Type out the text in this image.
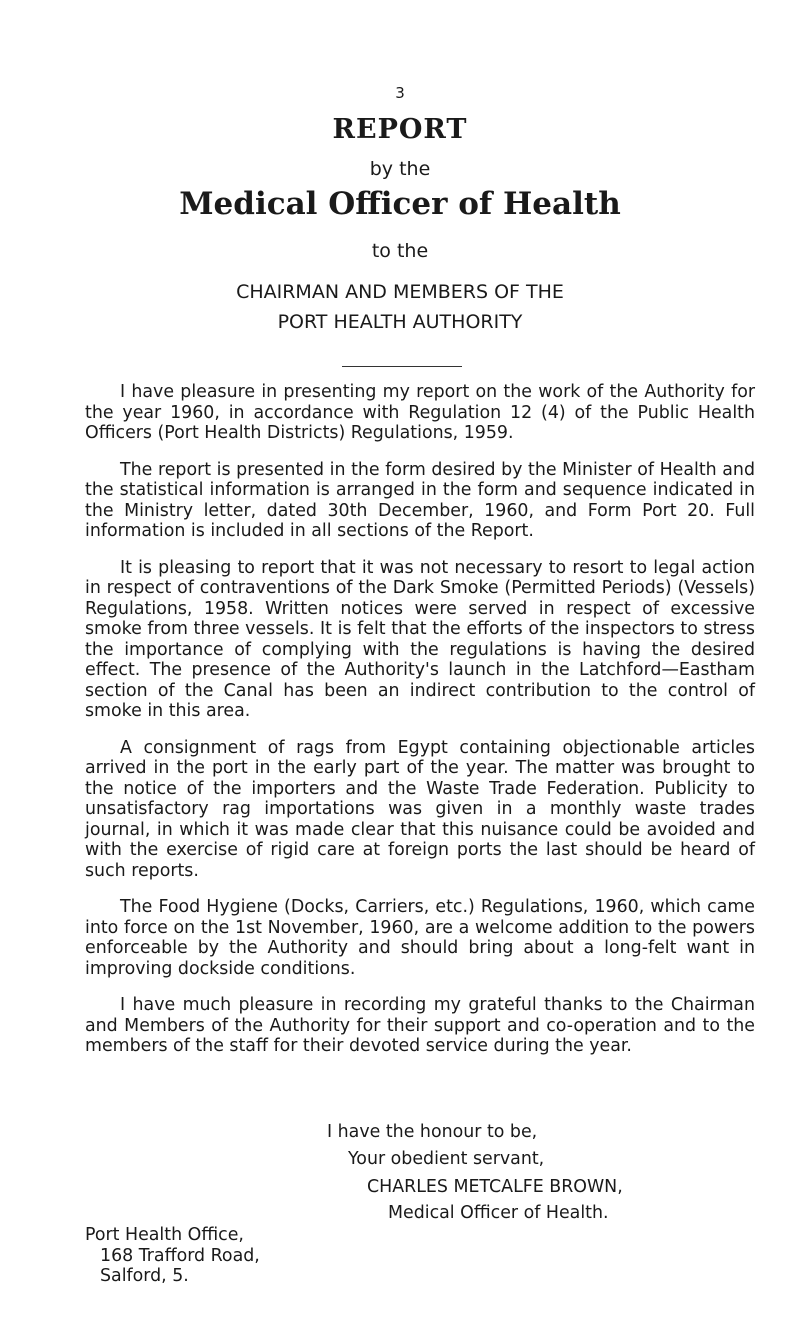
3
REPORT
by the
Medical Officer of Health
to the
CHAIRMAN AND MEMBERS OF THE
PORT HEALTH AUTHORITY

I have pleasure in presenting my report on the work of the Authority for the year 1960, in accordance with Regulation 12 (4) of the Public Health Officers (Port Health Districts) Regulations, 1959.

The report is presented in the form desired by the Minister of Health and the statistical information is arranged in the form and sequence indicated in the Ministry letter, dated 30th December, 1960, and Form Port 20. Full information is included in all sections of the Report.

It is pleasing to report that it was not necessary to resort to legal action in respect of contraventions of the Dark Smoke (Permitted Periods) (Vessels) Regulations, 1958. Written notices were served in respect of excessive smoke from three vessels. It is felt that the efforts of the inspectors to stress the importance of complying with the regulations is having the desired effect. The presence of the Authority's launch in the Latchford—Eastham section of the Canal has been an indirect contribution to the control of smoke in this area.

A consignment of rags from Egypt containing objectionable articles arrived in the port in the early part of the year. The matter was brought to the notice of the importers and the Waste Trade Federation. Publicity to unsatisfactory rag importations was given in a monthly waste trades journal, in which it was made clear that this nuisance could be avoided and with the exercise of rigid care at foreign ports the last should be heard of such reports.

The Food Hygiene (Docks, Carriers, etc.) Regulations, 1960, which came into force on the 1st November, 1960, are a welcome addition to the powers enforceable by the Authority and should bring about a long-felt want in improving dockside conditions.

I have much pleasure in recording my grateful thanks to the Chairman and Members of the Authority for their support and co-operation and to the members of the staff for their devoted service during the year.

I have the honour to be,
Your obedient servant,
CHARLES METCALFE BROWN,
Medical Officer of Health.
Port Health Office,
168 Trafford Road,
Salford, 5.
